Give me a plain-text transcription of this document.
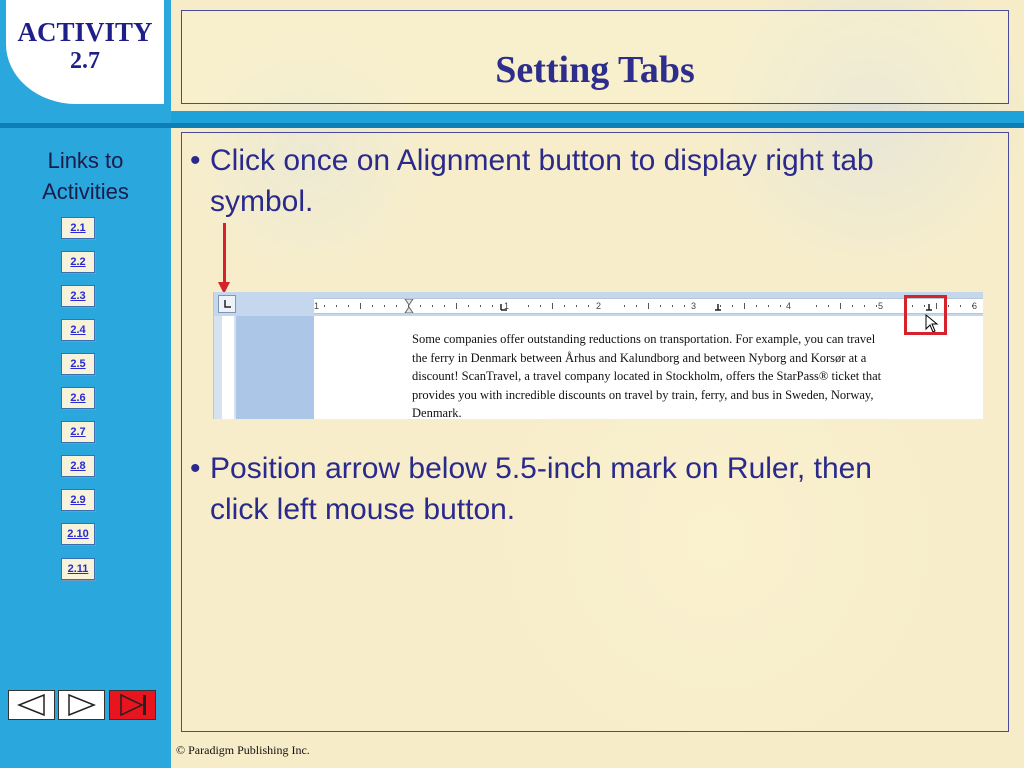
ACTIVITY
2.7
Links to
Activities
2.1
2.2
2.3
2.4
2.5
2.6
2.7
2.8
2.9
2.10
2.11
Setting Tabs
• Click once on Alignment button to display right tab
symbol.
• Position arrow below 5.5-inch mark on Ruler, then
click left mouse button.
1	1	2	3	4	5	6
Some companies offer outstanding reductions on transportation. For example, you can travel
the ferry in Denmark between Århus and Kalundborg and between Nyborg and Korsør at a
discount! ScanTravel, a travel company located in Stockholm, offers the StarPass® ticket that
provides you with incredible discounts on travel by train, ferry, and bus in Sweden, Norway,
Denmark.
© Paradigm Publishing Inc.
